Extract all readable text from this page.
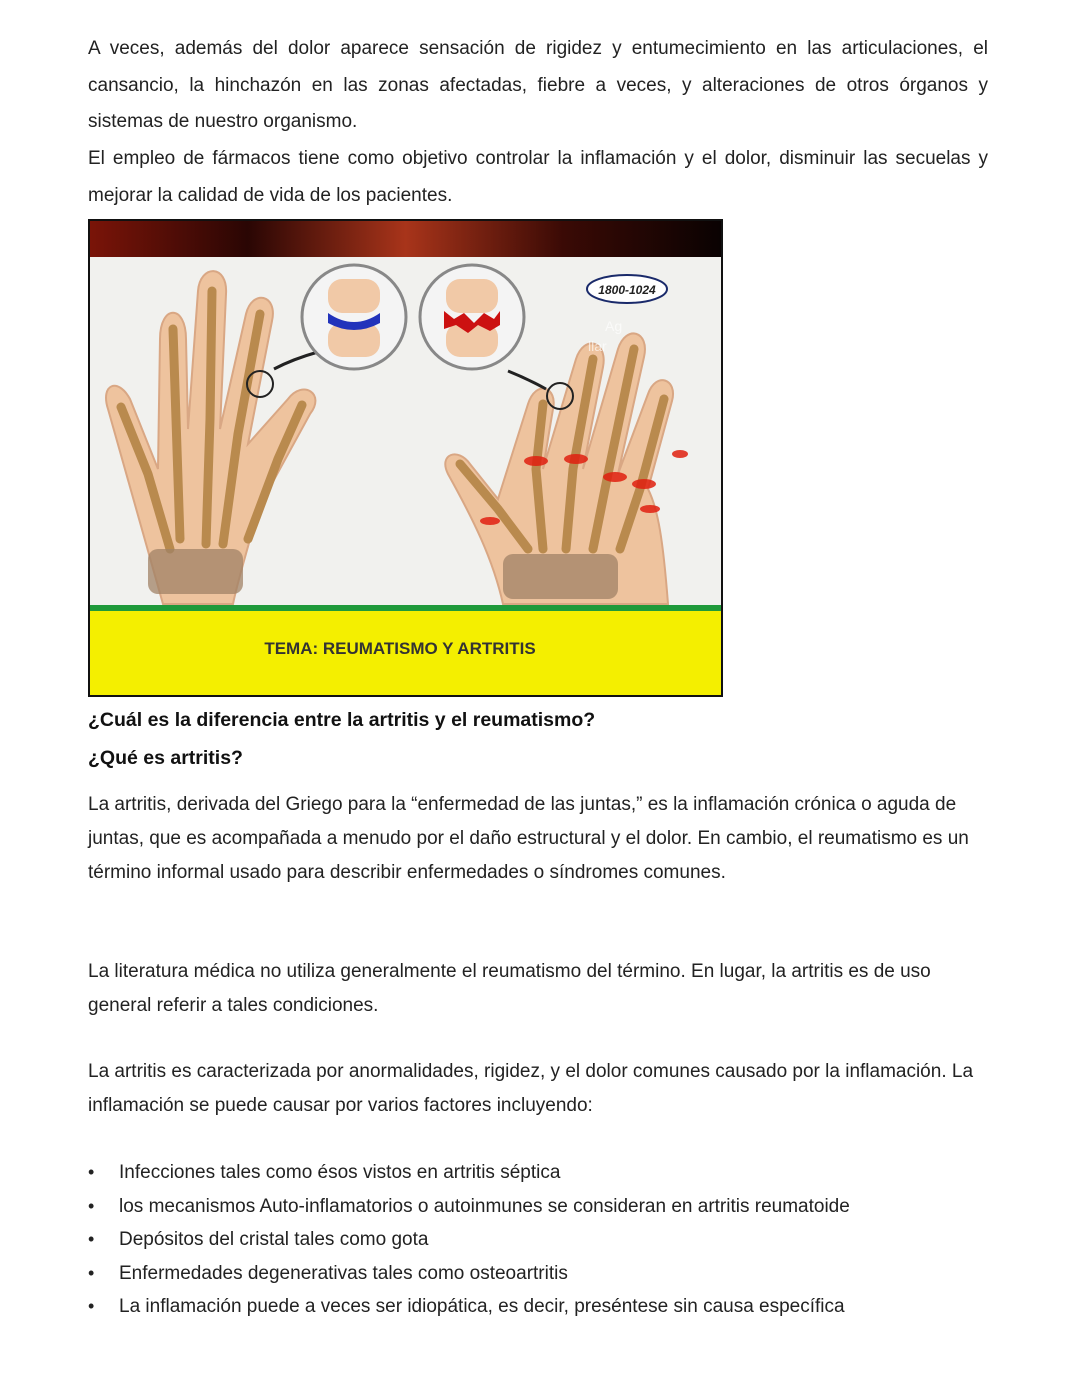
A veces, además del dolor aparece sensación de rigidez y entumecimiento en las articulaciones, el cansancio, la hinchazón en las zonas afectadas, fiebre a veces, y alteraciones de otros órganos y sistemas de nuestro organismo.

El empleo de fármacos tiene como objetivo controlar la inflamación y el dolor, disminuir las secuelas y mejorar la calidad de vida de los pacientes.

1800-1024
Ag
llar
TEMA: REUMATISMO Y ARTRITIS

¿Cuál es la diferencia entre la artritis y el reumatismo?

¿Qué es artritis?

La artritis, derivada del Griego para la “enfermedad de las juntas,” es la inflamación crónica o aguda de juntas, que es acompañada a menudo por el daño estructural y el dolor. En cambio, el reumatismo es un término informal usado para describir enfermedades o síndromes comunes.

La literatura médica no utiliza generalmente el reumatismo del término. En lugar, la artritis es de uso general referir a tales condiciones.

La artritis es caracterizada por anormalidades, rigidez, y el dolor comunes causado por la inflamación. La inflamación se puede causar por varios factores incluyendo:

• Infecciones tales como ésos vistos en artritis séptica
• los mecanismos Auto-inflamatorios o autoinmunes se consideran en artritis reumatoide
• Depósitos del cristal tales como gota
• Enfermedades degenerativas tales como osteoartritis
• La inflamación puede a veces ser idiopática, es decir, preséntese sin causa específica
